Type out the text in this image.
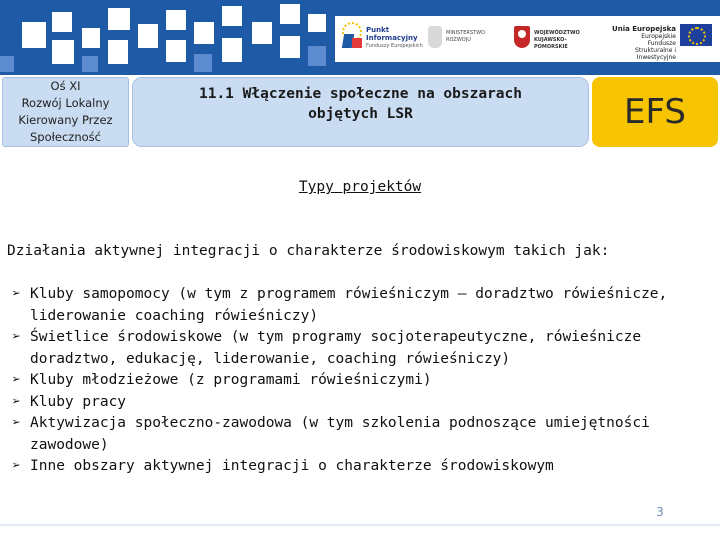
Punkt
Informacyjny
Funduszy Europejskich
MINISTERSTWO
ROZWOJU
WOJEWÓDZTWO
KUJAWSKO-POMORSKIE
Unia Europejska
Europejskie Fundusze
Strukturalne i Inwestycyjne
Oś XI
Rozwój Lokalny
Kierowany Przez
Społeczność
11.1 Włączenie społeczne na obszarach objętych LSR	EFS
Typy projektów
Działania aktywnej integracji o charakterze środowiskowym takich jak:
➢ Kluby samopomocy (w tym z programem rówieśniczym – doradztwo rówieśnicze,
liderowanie coaching rówieśniczy)
➢ Świetlice środowiskowe (w tym programy socjoterapeutyczne, rówieśnicze
doradztwo, edukację, liderowanie, coaching rówieśniczy)
➢ Kluby młodzieżowe (z programami rówieśniczymi)
➢ Kluby pracy
➢ Aktywizacja społeczno-zawodowa (w tym szkolenia podnoszące umiejętności
zawodowe)
➢ Inne obszary aktywnej integracji o charakterze środowiskowym
3
